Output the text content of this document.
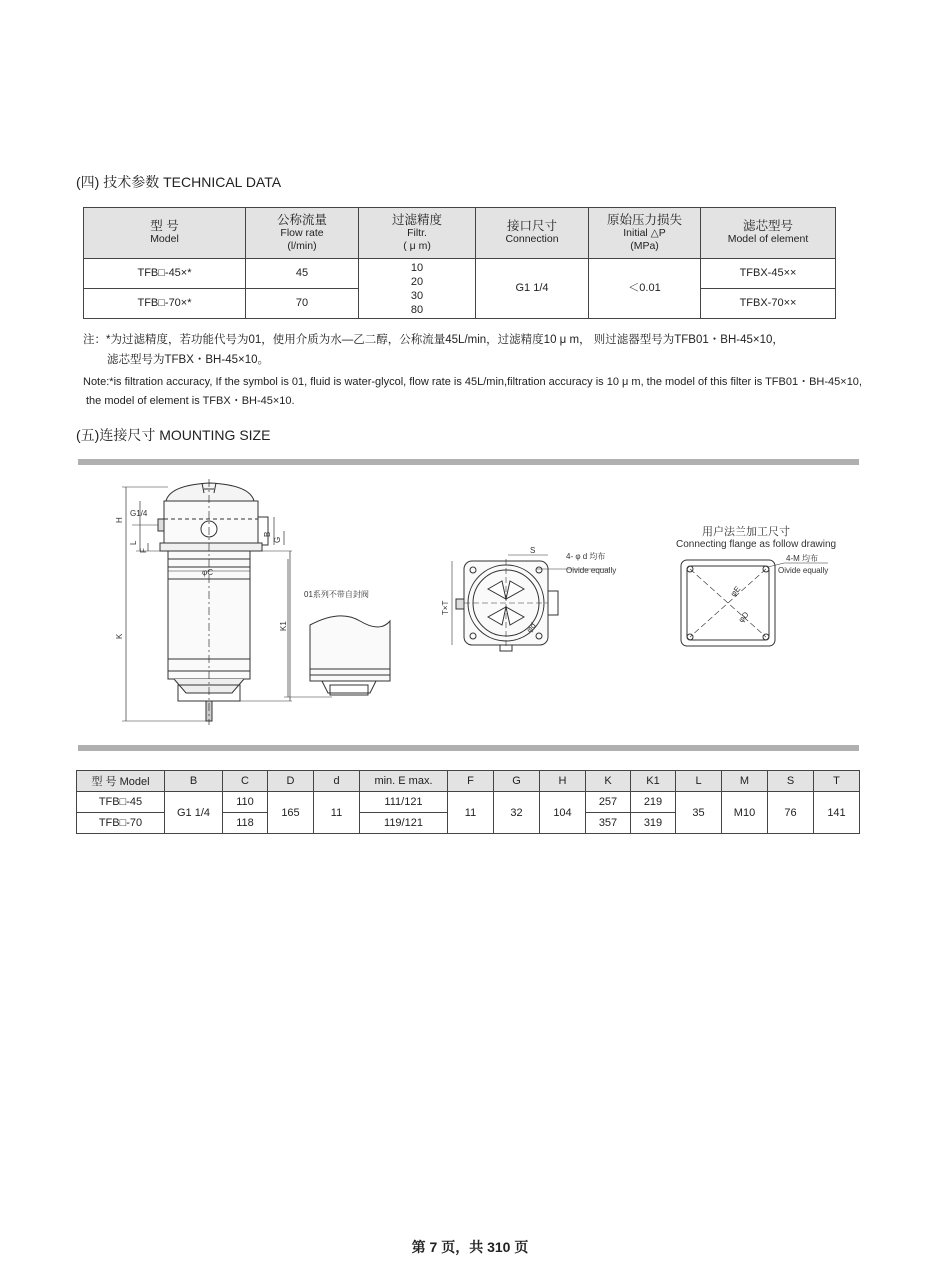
(四) 技术参数 TECHNICAL DATA
型 号
Model	公称流量
Flow rate
(l/min)	过滤精度
Filtr.
( μ m)	接口尺寸
Connection	原始压力损失
Initial △P
(MPa)	滤芯型号
Model of element

TFB□-45×*	45	10
20
30
80	G1 1/4	＜0.01	TFBX-45××
TFB□-70×*	70				TFBX-70××
注：*为过滤精度，若功能代号为01，使用介质为水—乙二醇，公称流量45L/min，过滤精度10 μ m， 则过滤器型号为TFB01・BH-45×10，
滤芯型号为TFBX・BH-45×10。
Note:*is filtration accuracy, If the symbol is 01, fluid is water-glycol, flow rate is 45L/min,filtration accuracy is 10 μ m, the model of this filter is TFB01・BH-45×10,
the model of element is TFBX・BH-45×10.
(五)连接尺寸 MOUNTING SIZE
G1/4
H
L
F
B
G
φC
K
K1
01系列不带自封阀
S
4- φ d 均布
Oivide equally
T×T
φd
用户法兰加工尺寸
Connecting flange as follow drawing
4-M 均布
Oivide equally
φE
φD
型 号 Model	B	C	D	d	min. E max.	F	G	H	K	K1	L	M	S	T
TFB□-45	G1 1/4	110	165	11	111/121	11	32	104	257	219	35	M10	76	141
TFB□-70		118			119/121				357	319				
第 7 页，共 310 页
